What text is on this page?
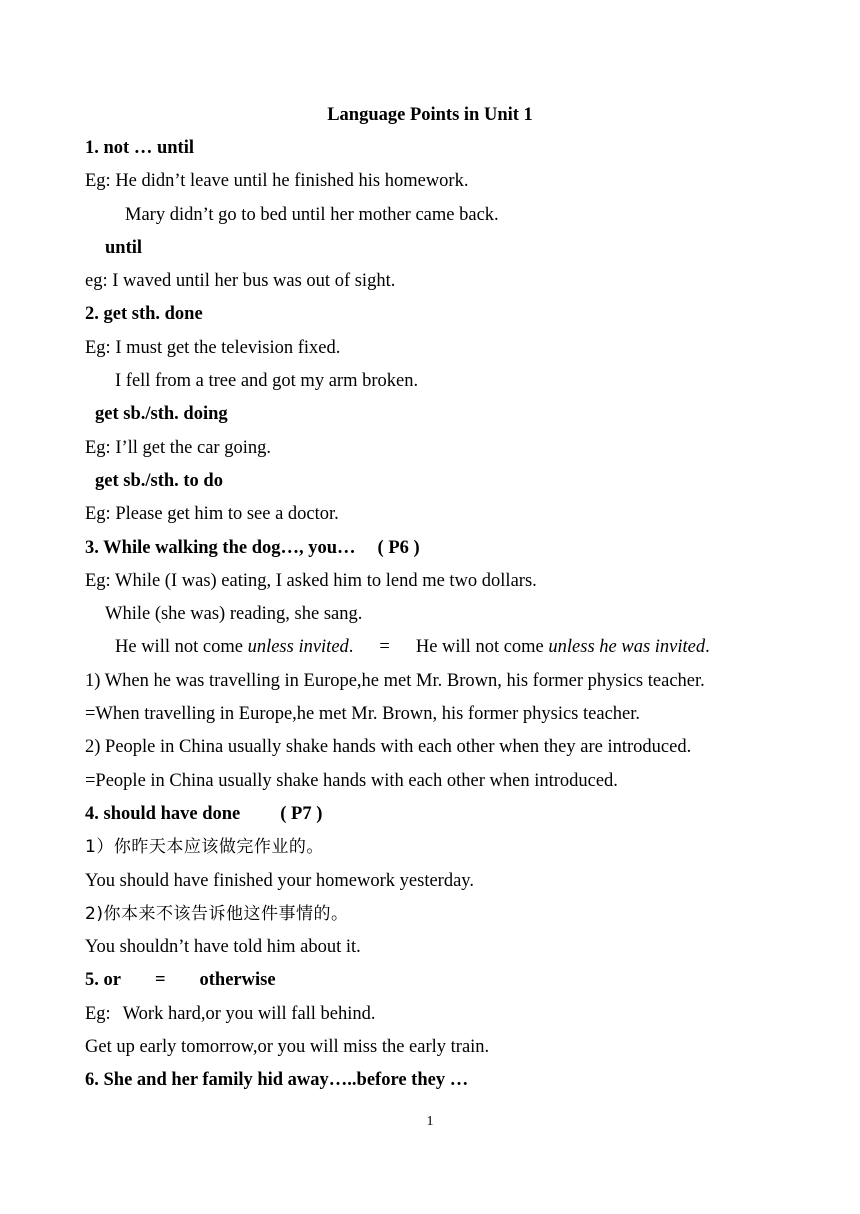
Language Points in Unit 1
1. not … until
Eg: He didn’t leave until he finished his homework.
Mary didn’t go to bed until her mother came back.
until
eg: I waved until her bus was out of sight.
2. get sth. done
Eg: I must get the television fixed.
I fell from a tree and got my arm broken.
get sb./sth. doing
Eg: I’ll get the car going.
get sb./sth. to do
Eg: Please get him to see a doctor.
3. While walking the dog…, you… ( P6 )
Eg: While (I was) eating, I asked him to lend me two dollars.
While (she was) reading, she sang.
He will not come unless invited. = He will not come unless he was invited.
1) When he was travelling in Europe,he met Mr. Brown, his former physics teacher.
=When travelling in Europe,he met Mr. Brown, his former physics teacher.
2) People in China usually shake hands with each other when they are introduced.
=People in China usually shake hands with each other when introduced.
4. should have done ( P7 )
1）你昨天本应该做完作业的。
You should have finished your homework yesterday.
2)你本来不该告诉他这件事情的。
You shouldn’t have told him about it.
5. or = otherwise
Eg: Work hard,or you will fall behind.
Get up early tomorrow,or you will miss the early train.
6. She and her family hid away…..before they …
1
